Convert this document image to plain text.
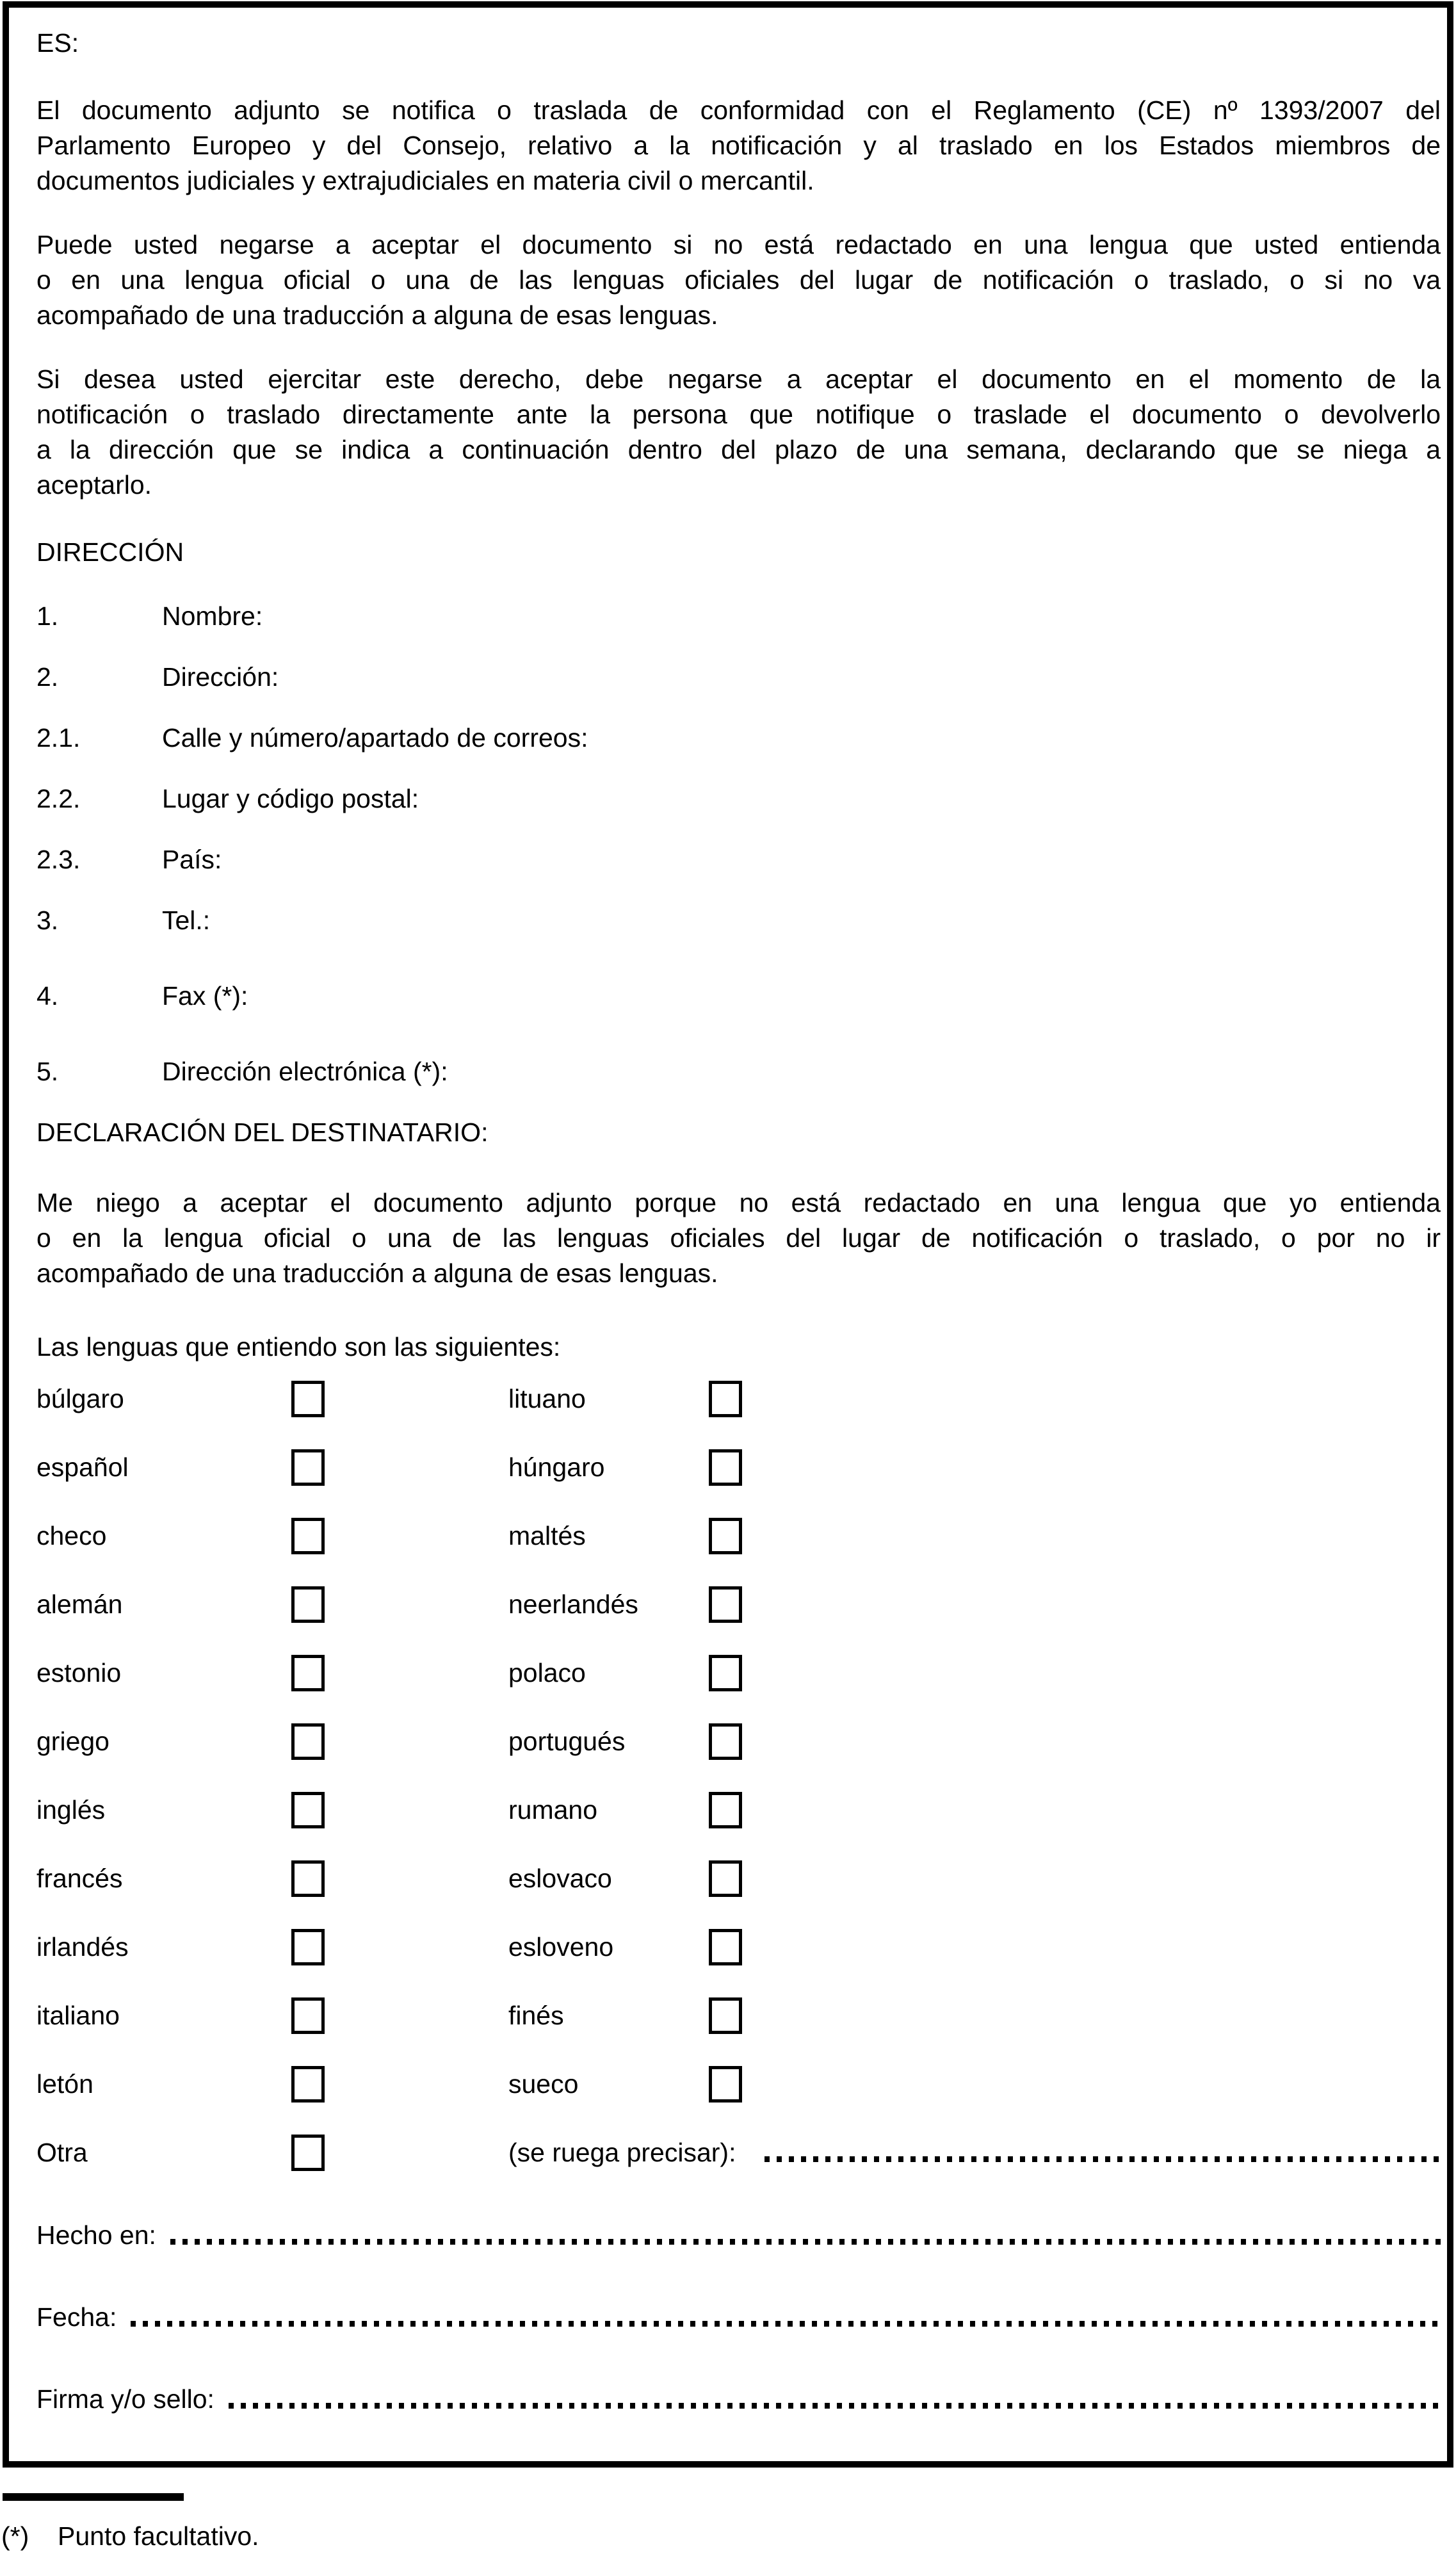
ES:
El documento adjunto se notifica o traslada de conformidad con el Reglamento (CE) nº 1393/2007 del
Parlamento Europeo y del Consejo, relativo a la notificación y al traslado en los Estados miembros de
documentos judiciales y extrajudiciales en materia civil o mercantil.
Puede usted negarse a aceptar el documento si no está redactado en una lengua que usted entienda
o en una lengua oficial o una de las lenguas oficiales del lugar de notificación o traslado, o si no va
acompañado de una traducción a alguna de esas lenguas.
Si desea usted ejercitar este derecho, debe negarse a aceptar el documento en el momento de la
notificación o traslado directamente ante la persona que notifique o traslade el documento o devolverlo
a la dirección que se indica a continuación dentro del plazo de una semana, declarando que se niega a
aceptarlo.
DIRECCIÓN
1.	Nombre:
2.	Dirección:
2.1.	Calle y número/apartado de correos:
2.2.	Lugar y código postal:
2.3.	País:
3.	Tel.:
4.	Fax (*):
5.	Dirección electrónica (*):
DECLARACIÓN DEL DESTINATARIO:
Me niego a aceptar el documento adjunto porque no está redactado en una lengua que yo entienda
o en la lengua oficial o una de las lenguas oficiales del lugar de notificación o traslado, o por no ir
acompañado de una traducción a alguna de esas lenguas.
Las lenguas que entiendo son las siguientes:
búlgaro	lituano
español	húngaro
checo	maltés
alemán	neerlandés
estonio	polaco
griego	portugués
inglés	rumano
francés	eslovaco
irlandés	esloveno
italiano	finés
letón	sueco
Otra	(se ruega precisar):
Hecho en:
Fecha:
Firma y/o sello:
(*)	Punto facultativo.
